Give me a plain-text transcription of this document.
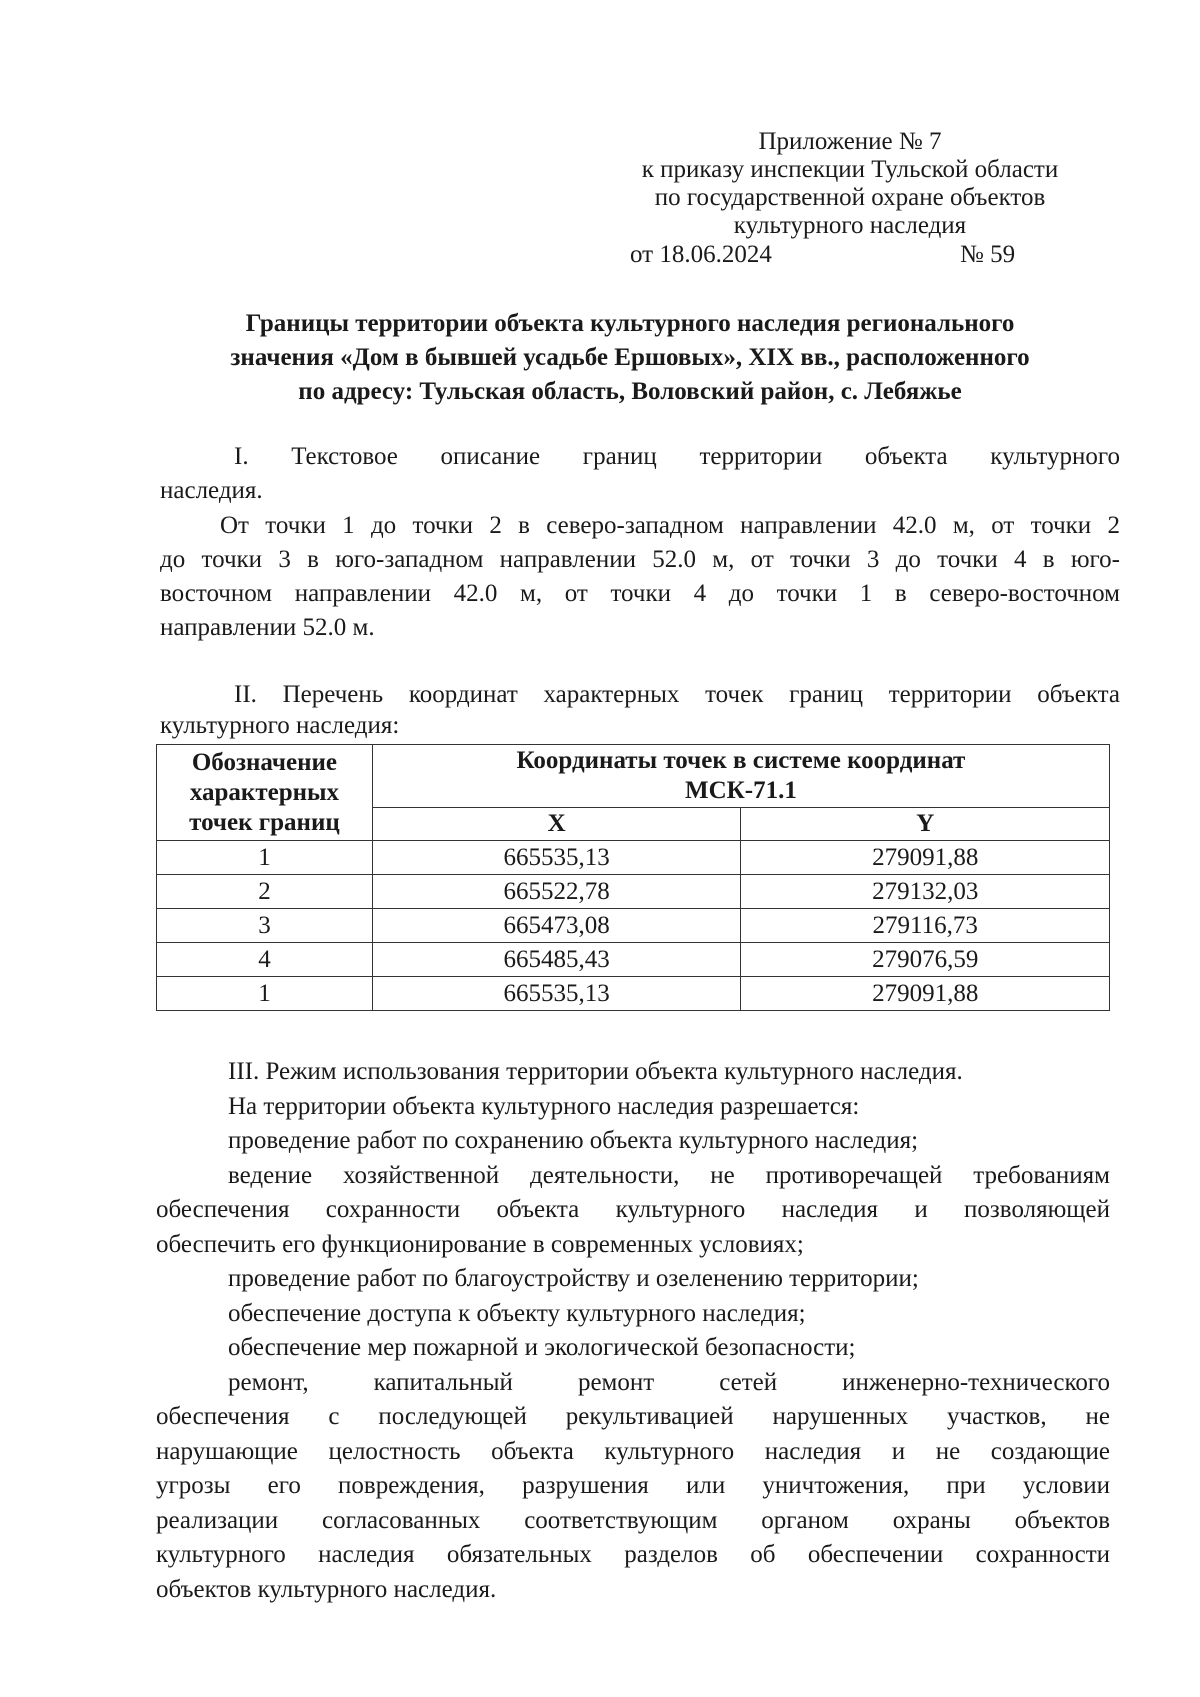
Приложение № 7
к приказу инспекции Тульской области
по государственной охране объектов
культурного наследия
от 18.06.2024	№ 59
Границы территории объекта культурного наследия регионального
значения «Дом в бывшей усадьбе Ершовых», XIX вв., расположенного
по адресу: Тульская область, Воловский район, с. Лебяжье
I. Текстовое описание границ территории объекта культурного
наследия.
От точки 1 до точки 2 в северо-западном направлении 42.0 м, от точки 2
до точки 3 в юго-западном направлении 52.0 м, от точки 3 до точки 4 в юго-
восточном направлении 42.0 м, от точки 4 до точки 1 в северо-восточном
направлении 52.0 м.
II. Перечень координат характерных точек границ территории объекта
культурного наследия:
Обозначение
характерных
точек границ	Координаты точек в системе координат
МСК-71.1	
	X	Y
1	665535,13	279091,88
2	665522,78	279132,03
3	665473,08	279116,73
4	665485,43	279076,59
1	665535,13	279091,88
III. Режим использования территории объекта культурного наследия.
На территории объекта культурного наследия разрешается:
проведение работ по сохранению объекта культурного наследия;
ведение хозяйственной деятельности, не противоречащей требованиям
обеспечения сохранности объекта культурного наследия и позволяющей
обеспечить его функционирование в современных условиях;
проведение работ по благоустройству и озеленению территории;
обеспечение доступа к объекту культурного наследия;
обеспечение мер пожарной и экологической безопасности;
ремонт, капитальный ремонт сетей инженерно-технического
обеспечения с последующей рекультивацией нарушенных участков, не
нарушающие целостность объекта культурного наследия и не создающие
угрозы его повреждения, разрушения или уничтожения, при условии
реализации согласованных соответствующим органом охраны объектов
культурного наследия обязательных разделов об обеспечении сохранности
объектов культурного наследия.
